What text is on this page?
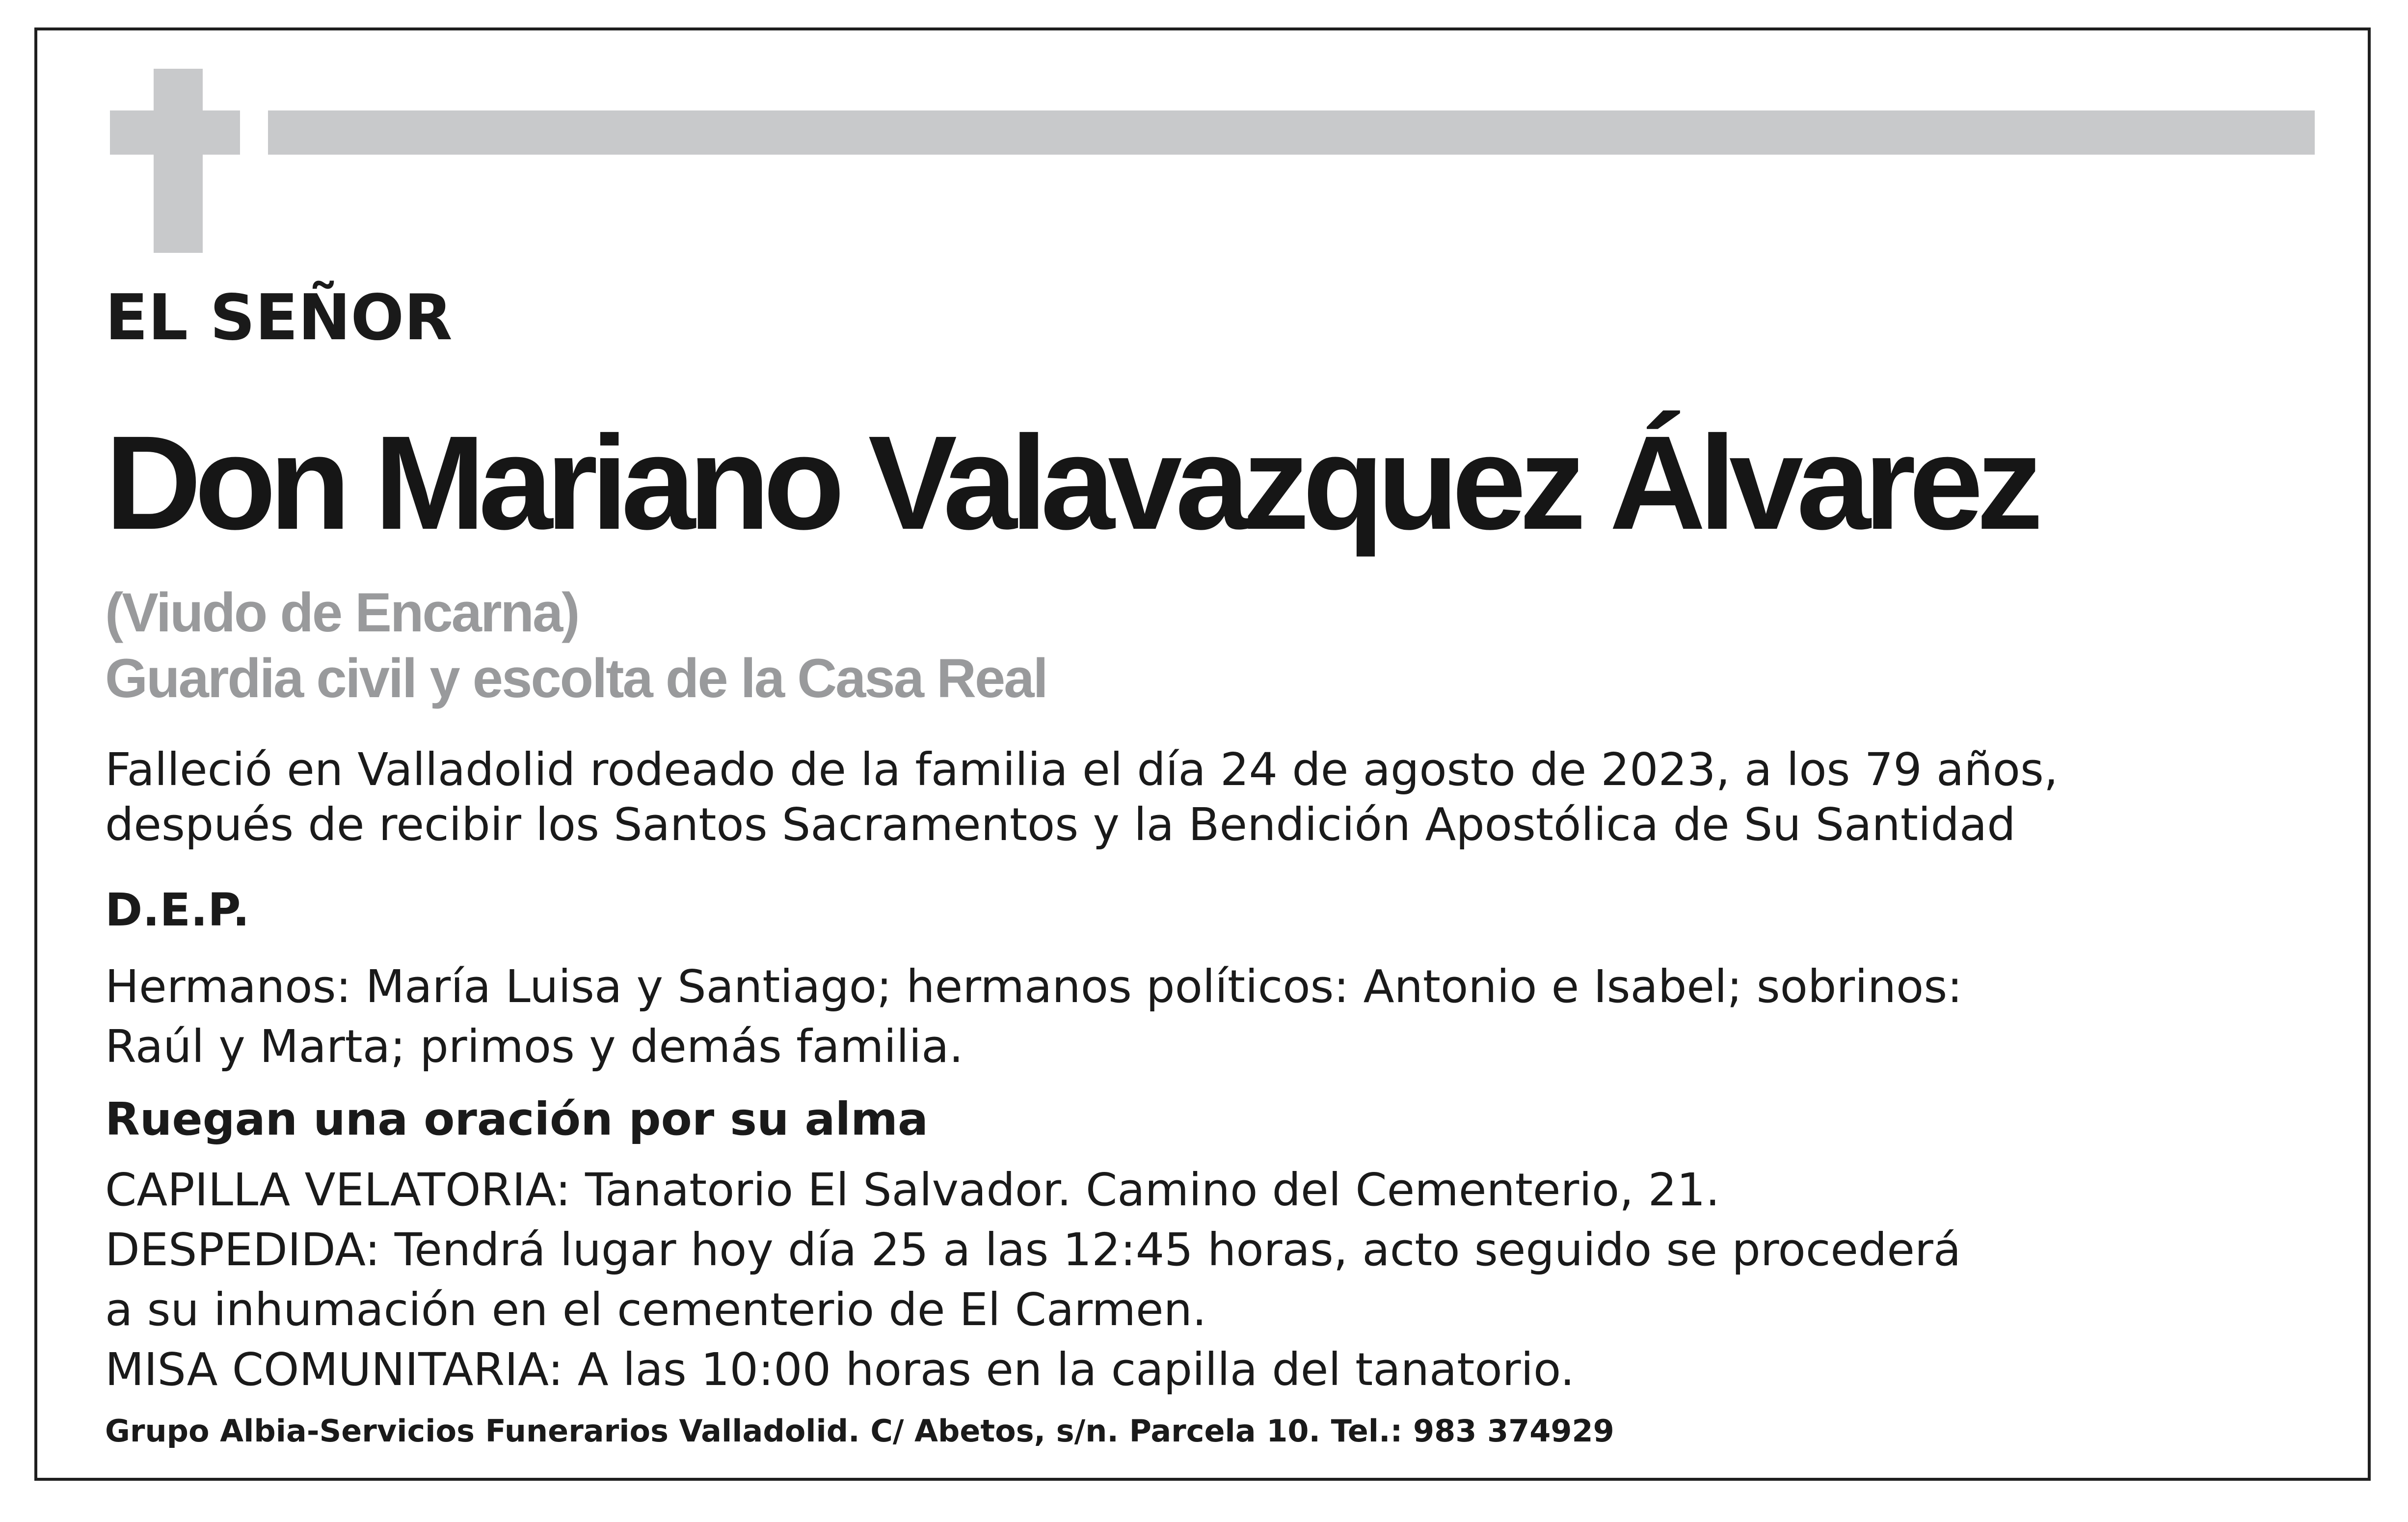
EL SEÑOR

Don Mariano Valavazquez Álvarez

(Viudo de Encarna)

Guardia civil y escolta de la Casa Real

Falleció en Valladolid rodeado de la familia el día 24 de agosto de 2023, a los 79 años,

después de recibir los Santos Sacramentos y la Bendición Apostólica de Su Santidad

D.E.P.

Hermanos: María Luisa y Santiago; hermanos políticos: Antonio e Isabel; sobrinos:

Raúl y Marta; primos y demás familia.

Ruegan una oración por su alma

CAPILLA VELATORIA: Tanatorio El Salvador. Camino del Cementerio, 21.

DESPEDIDA: Tendrá lugar hoy día 25 a las 12:45 horas, acto seguido se procederá

a su inhumación en el cementerio de El Carmen.

MISA COMUNITARIA: A las 10:00 horas en la capilla del tanatorio.

Grupo Albia-Servicios Funerarios Valladolid. C/ Abetos, s/n. Parcela 10. Tel.: 983 374929
